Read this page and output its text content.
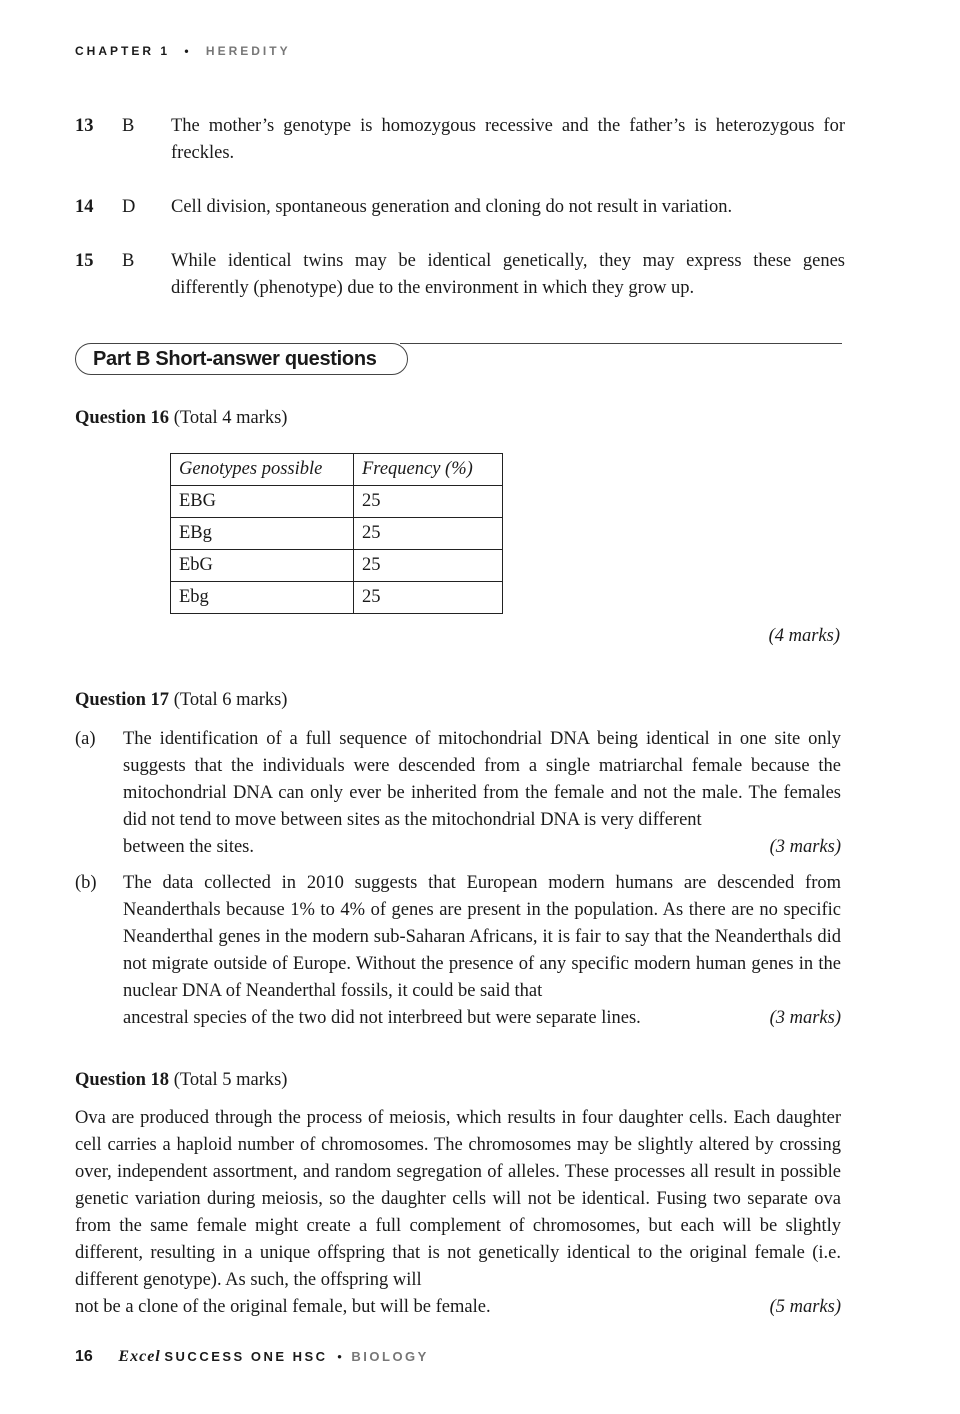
CHAPTER 1 • HEREDITY
13 B The mother’s genotype is homozygous recessive and the father’s is heterozygous for freckles.
14 D Cell division, spontaneous generation and cloning do not result in variation.
15 B While identical twins may be identical genetically, they may express these genes differently (phenotype) due to the environment in which they grow up.
Part B Short-answer questions
Question 16 (Total 4 marks)
Genotypes possible	Frequency (%)
EBG	25
EBg	25
EbG	25
Ebg	25
(4 marks)
Question 17 (Total 6 marks)
(a) The identification of a full sequence of mitochondrial DNA being identical in one site only suggests that the individuals were descended from a single matriarchal female because the mitochondrial DNA can only ever be inherited from the female and not the male. The females did not tend to move between sites as the mitochondrial DNA is very different
between the sites.	(3 marks)
(b) The data collected in 2010 suggests that European modern humans are descended from Neanderthals because 1% to 4% of genes are present in the population. As there are no specific Neanderthal genes in the modern sub-Saharan Africans, it is fair to say that the Neanderthals did not migrate outside of Europe. Without the presence of any specific modern human genes in the nuclear DNA of Neanderthal fossils, it could be said that
ancestral species of the two did not interbreed but were separate lines.	(3 marks)
Question 18 (Total 5 marks)
Ova are produced through the process of meiosis, which results in four daughter cells. Each daughter cell carries a haploid number of chromosomes. The chromosomes may be slightly altered by crossing over, independent assortment, and random segregation of alleles. These processes all result in possible genetic variation during meiosis, so the daughter cells will not be identical. Fusing two separate ova from the same female might create a full complement of chromosomes, but each will be slightly different, resulting in a unique offspring that is not genetically identical to the original female (i.e. different genotype). As such, the offspring will
not be a clone of the original female, but will be female.	(5 marks)
16 Excel SUCCESS ONE HSC • BIOLOGY
